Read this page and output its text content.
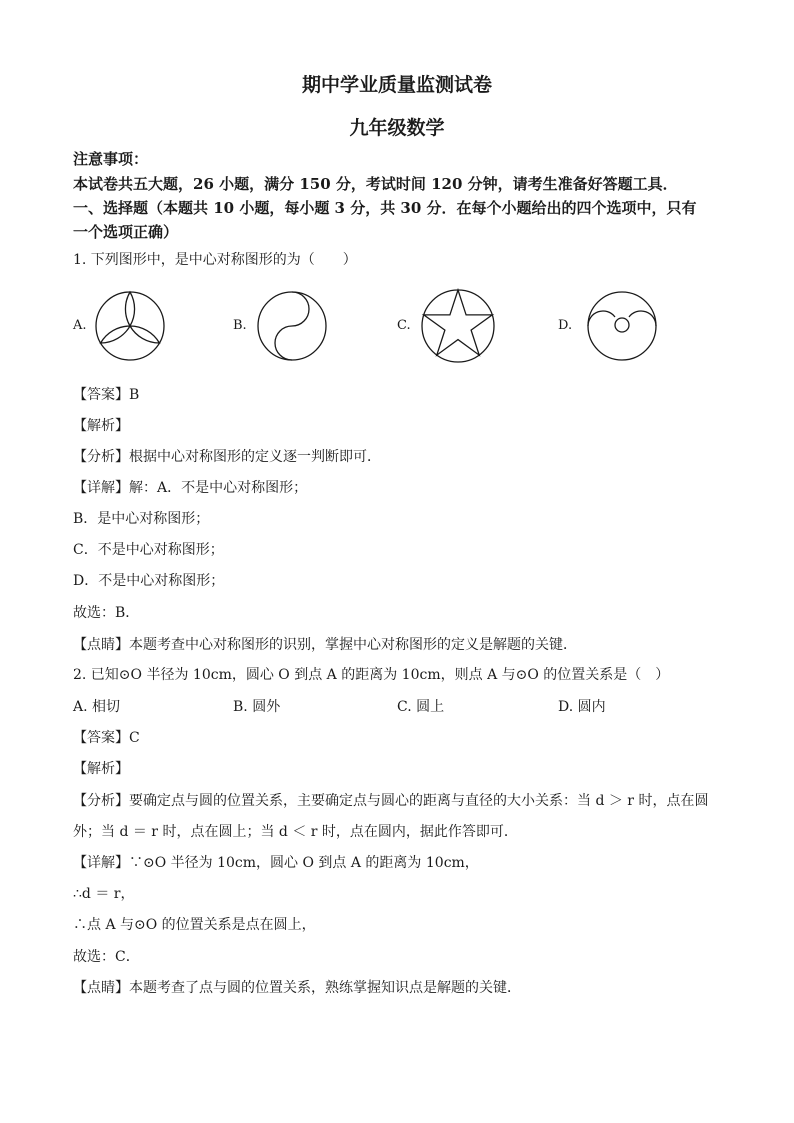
期中学业质量监测试卷
九年级数学
注意事项：
本试卷共五大题，26 小题，满分 150 分，考试时间 120 分钟，请考生准备好答题工具．
一、选择题（本题共 10 小题，每小题 3 分，共 30 分．在每个小题给出的四个选项中，只有
一个选项正确）
1. 下列图形中，是中心对称图形的为（　　）
A.	B.	C.	D.
【答案】B
【解析】
【分析】根据中心对称图形的定义逐一判断即可．
【详解】解：A．不是中心对称图形；
B．是中心对称图形；
C．不是中心对称图形；
D．不是中心对称图形；
故选：B．
【点睛】本题考查中心对称图形的识别，掌握中心对称图形的定义是解题的关键．
2. 已知⊙O 半径为 10cm，圆心 O 到点 A 的距离为 10cm，则点 A 与⊙O 的位置关系是（　）
A. 相切	B. 圆外	C. 圆上	D. 圆内
【答案】C
【解析】
【分析】要确定点与圆的位置关系，主要确定点与圆心的距离与直径的大小关系：当 d ＞ r 时，点在圆
外；当 d ＝ r 时，点在圆上；当 d ＜ r 时，点在圆内，据此作答即可．
【详解】∵⊙O 半径为 10cm，圆心 O 到点 A 的距离为 10cm，
∴d ＝ r，
∴点 A 与⊙O 的位置关系是点在圆上，
故选：C．
【点睛】本题考查了点与圆的位置关系，熟练掌握知识点是解题的关键．
